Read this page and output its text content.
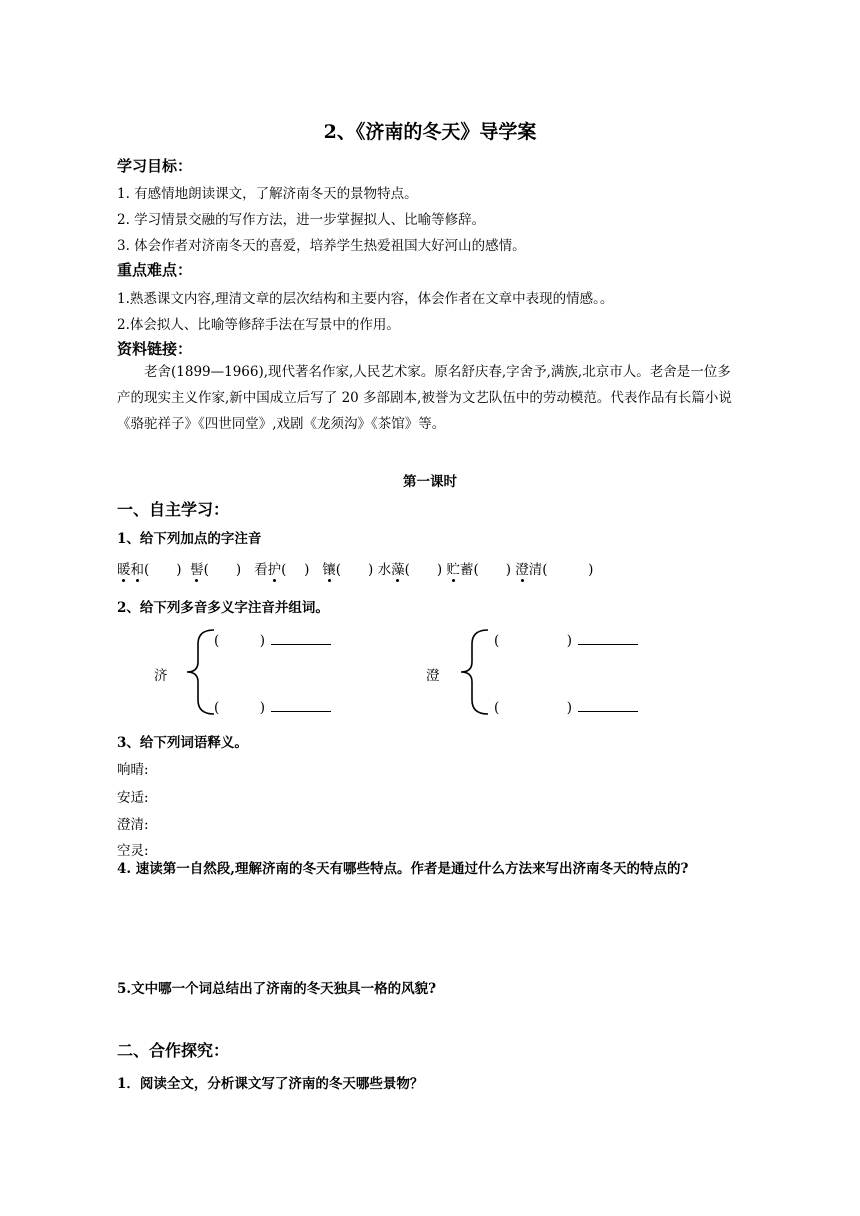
2、《济南的冬天》导学案
学习目标：
1. 有感情地朗读课文，了解济南冬天的景物特点。
2. 学习情景交融的写作方法，进一步掌握拟人、比喻等修辞。
3. 体会作者对济南冬天的喜爱，培养学生热爱祖国大好河山的感情。
重点难点：
1.熟悉课文内容,理清文章的层次结构和主要内容，体会作者在文章中表现的情感。。
2.体会拟人、比喻等修辞手法在写景中的作用。
资料链接：
老舍(1899—1966),现代著名作家,人民艺术家。原名舒庆春,字舍予,满族,北京市人。老舍是一位多产的现实主义作家,新中国成立后写了 20 多部剧本,被誉为文艺队伍中的劳动模范。代表作品有长篇小说《骆驼祥子》《四世同堂》,戏剧《龙须沟》《茶馆》等。
第一课时
一、自主学习：
1、给下列加点的字注音
暖和(　　) 髻(　　) 看护(　 ) 镶(　　) 水藻(　　) 贮蓄(　　) 澄清(　　　)
2、给下列多音多义字注音并组词。
(　　　)
济
(　　　)
(　　　　　)
澄
(　　　　　)
3、给下列词语释义。
响晴:
安适:
澄清:
空灵:
4. 速读第一自然段,理解济南的冬天有哪些特点。作者是通过什么方法来写出济南冬天的特点的?
5.文中哪一个词总结出了济南的冬天独具一格的风貌?
二、合作探究：
1．阅读全文，分析课文写了济南的冬天哪些景物？
